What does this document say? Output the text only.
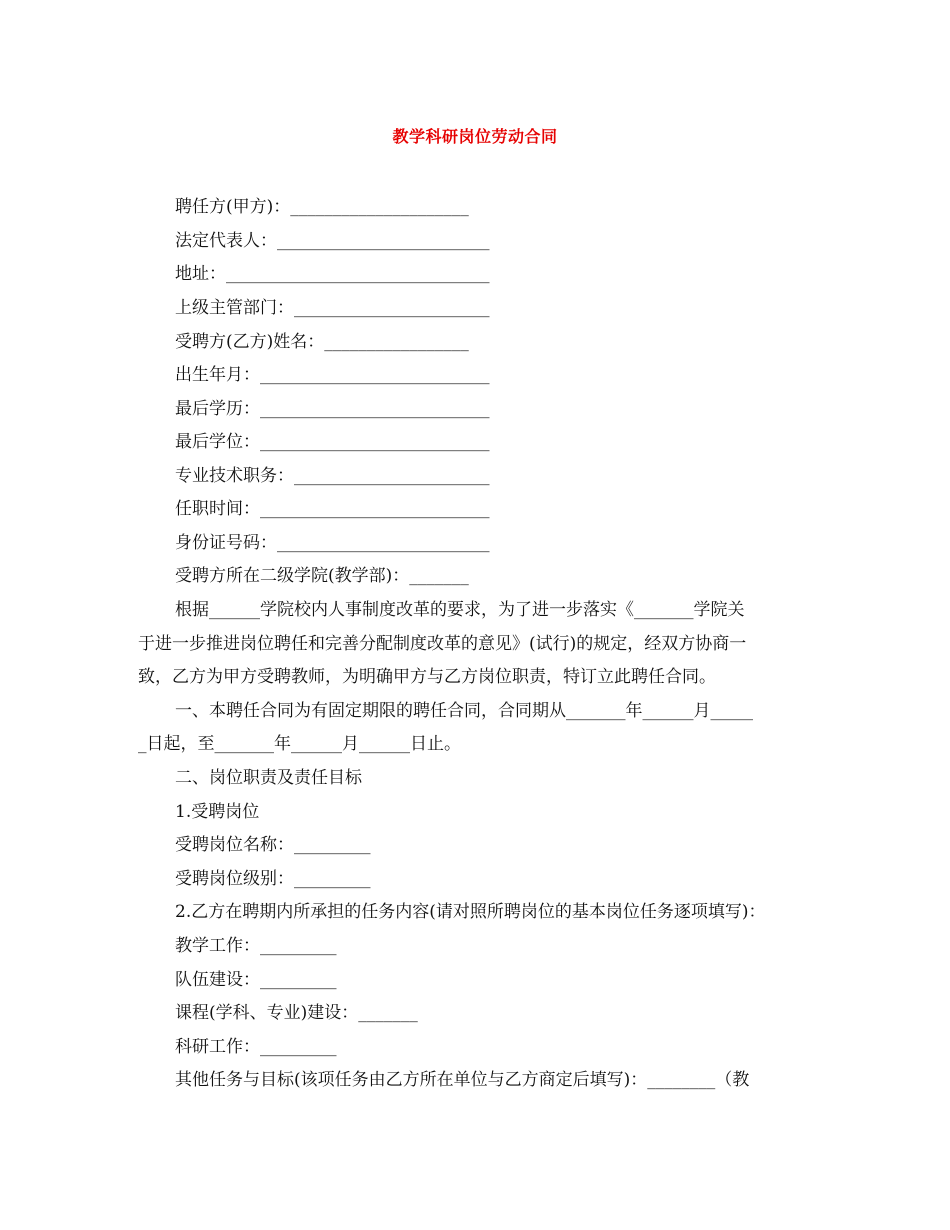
教学科研岗位劳动合同
聘任方(甲方)：_____________________
法定代表人：_________________________
地址：_______________________________
上级主管部门：_______________________
受聘方(乙方)姓名：_________________
出生年月：___________________________
最后学历：___________________________
最后学位：___________________________
专业技术职务：_______________________
任职时间：___________________________
身份证号码：_________________________
受聘方所在二级学院(教学部)：_______
根据______学院校内人事制度改革的要求，为了进一步落实《_______学院关
于进一步推进岗位聘任和完善分配制度改革的意见》(试行)的规定，经双方协商一
致，乙方为甲方受聘教师，为明确甲方与乙方岗位职责，特订立此聘任合同。
一、本聘任合同为有固定期限的聘任合同，合同期从_______年______月_____
_日起，至_______年______月______日止。
二、岗位职责及责任目标
1.受聘岗位
受聘岗位名称：_________
受聘岗位级别：_________
2.乙方在聘期内所承担的任务内容(请对照所聘岗位的基本岗位任务逐项填写)：
教学工作：_________
队伍建设：_________
课程(学科、专业)建设：_______
科研工作：_________
其他任务与目标(该项任务由乙方所在单位与乙方商定后填写)：________（教
